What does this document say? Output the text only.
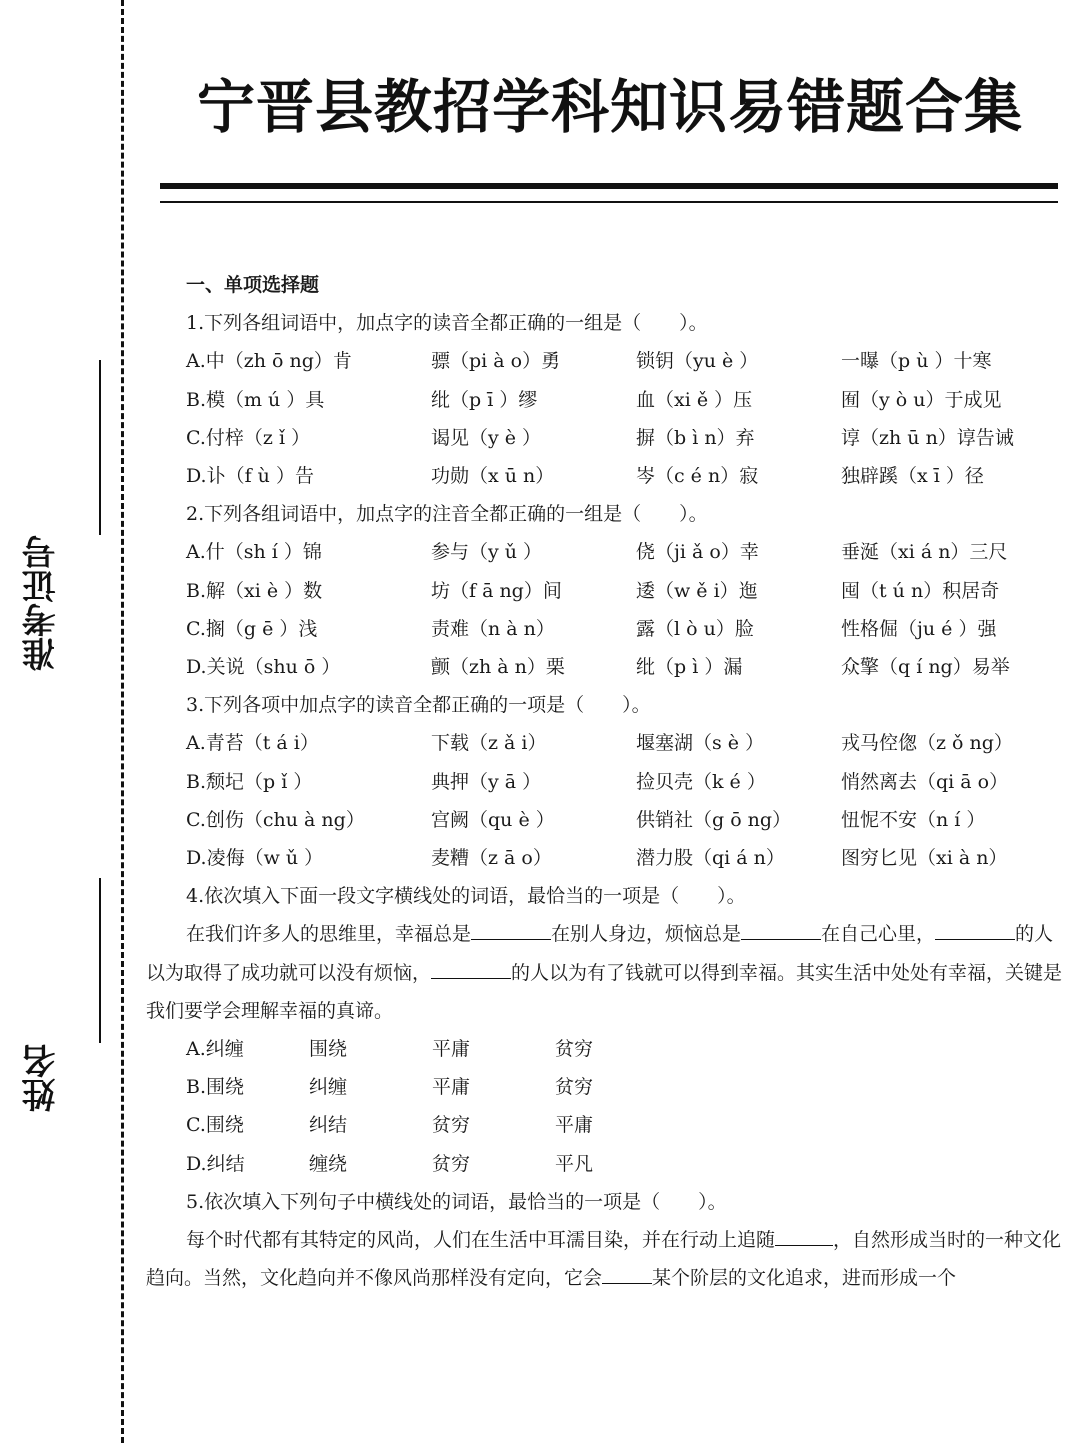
准考证号
姓名
宁晋县教招学科知识易错题合集
一、单项选择题
1.下列各组词语中，加点字的读音全都正确的一组是（　　）。
A.中（zh ō ng）肯	骠（pi à o）勇	锁钥（yu è ）	一曝（p ù ）十寒
B.模（m ú ）具	纰（p ī ）缪	血（xi ě ）压	囿（y ò u）于成见
C.付梓（z ǐ ）	谒见（y è ）	摒（b ì n）弃	谆（zh ū n）谆告诫
D.讣（f ù ）告	功勋（x ū n）	岑（c é n）寂	独辟蹊（x ī ）径
2.下列各组词语中，加点字的注音全都正确的一组是（　　）。
A.什（sh í ）锦	参与（y ǔ ）	侥（ji ǎ o）幸	垂涎（xi á n）三尺
B.解（xi è ）数	坊（f ā ng）间	逶（w ě i）迤	囤（t ú n）积居奇
C.搁（g ē ）浅	责难（n à n）	露（l ò u）脸	性格倔（ju é ）强
D.关说（shu ō ）	颤（zh à n）栗	纰（p ì ）漏	众擎（q í ng）易举
3.下列各项中加点字的读音全都正确的一项是（　　）。
A.青苔（t á i）	下载（z ǎ i）	堰塞湖（s è ）	戎马倥偬（z ǒ ng）
B.颓圮（p ǐ ）	典押（y ā ）	捡贝壳（k é ）	悄然离去（qi ā o）
C.创伤（chu à ng）	宫阙（qu è ）	供销社（g ō ng）	忸怩不安（n í ）
D.凌侮（w ǔ ）	麦糟（z ā o）	潜力股（qi á n）	图穷匕见（xi à n）
4.依次填入下面一段文字横线处的词语，最恰当的一项是（　　）。
在我们许多人的思维里，幸福总是	在别人身边，烦恼总是	在自己心里，	的人以为取得了成功就可以没有烦恼，	的人以为有了钱就可以得到幸福。其实生活中处处有幸福，关键是我们要学会理解幸福的真谛。
A.纠缠	围绕	平庸	贫穷
B.围绕	纠缠	平庸	贫穷
C.围绕	纠结	贫穷	平庸
D.纠结	缠绕	贫穷	平凡
5.依次填入下列句子中横线处的词语，最恰当的一项是（　　）。
每个时代都有其特定的风尚，人们在生活中耳濡目染，并在行动上追随	，自然形成当时的一种文化趋向。当然，文化趋向并不像风尚那样没有定向，它会	某个阶层的文化追求，进而形成一个
